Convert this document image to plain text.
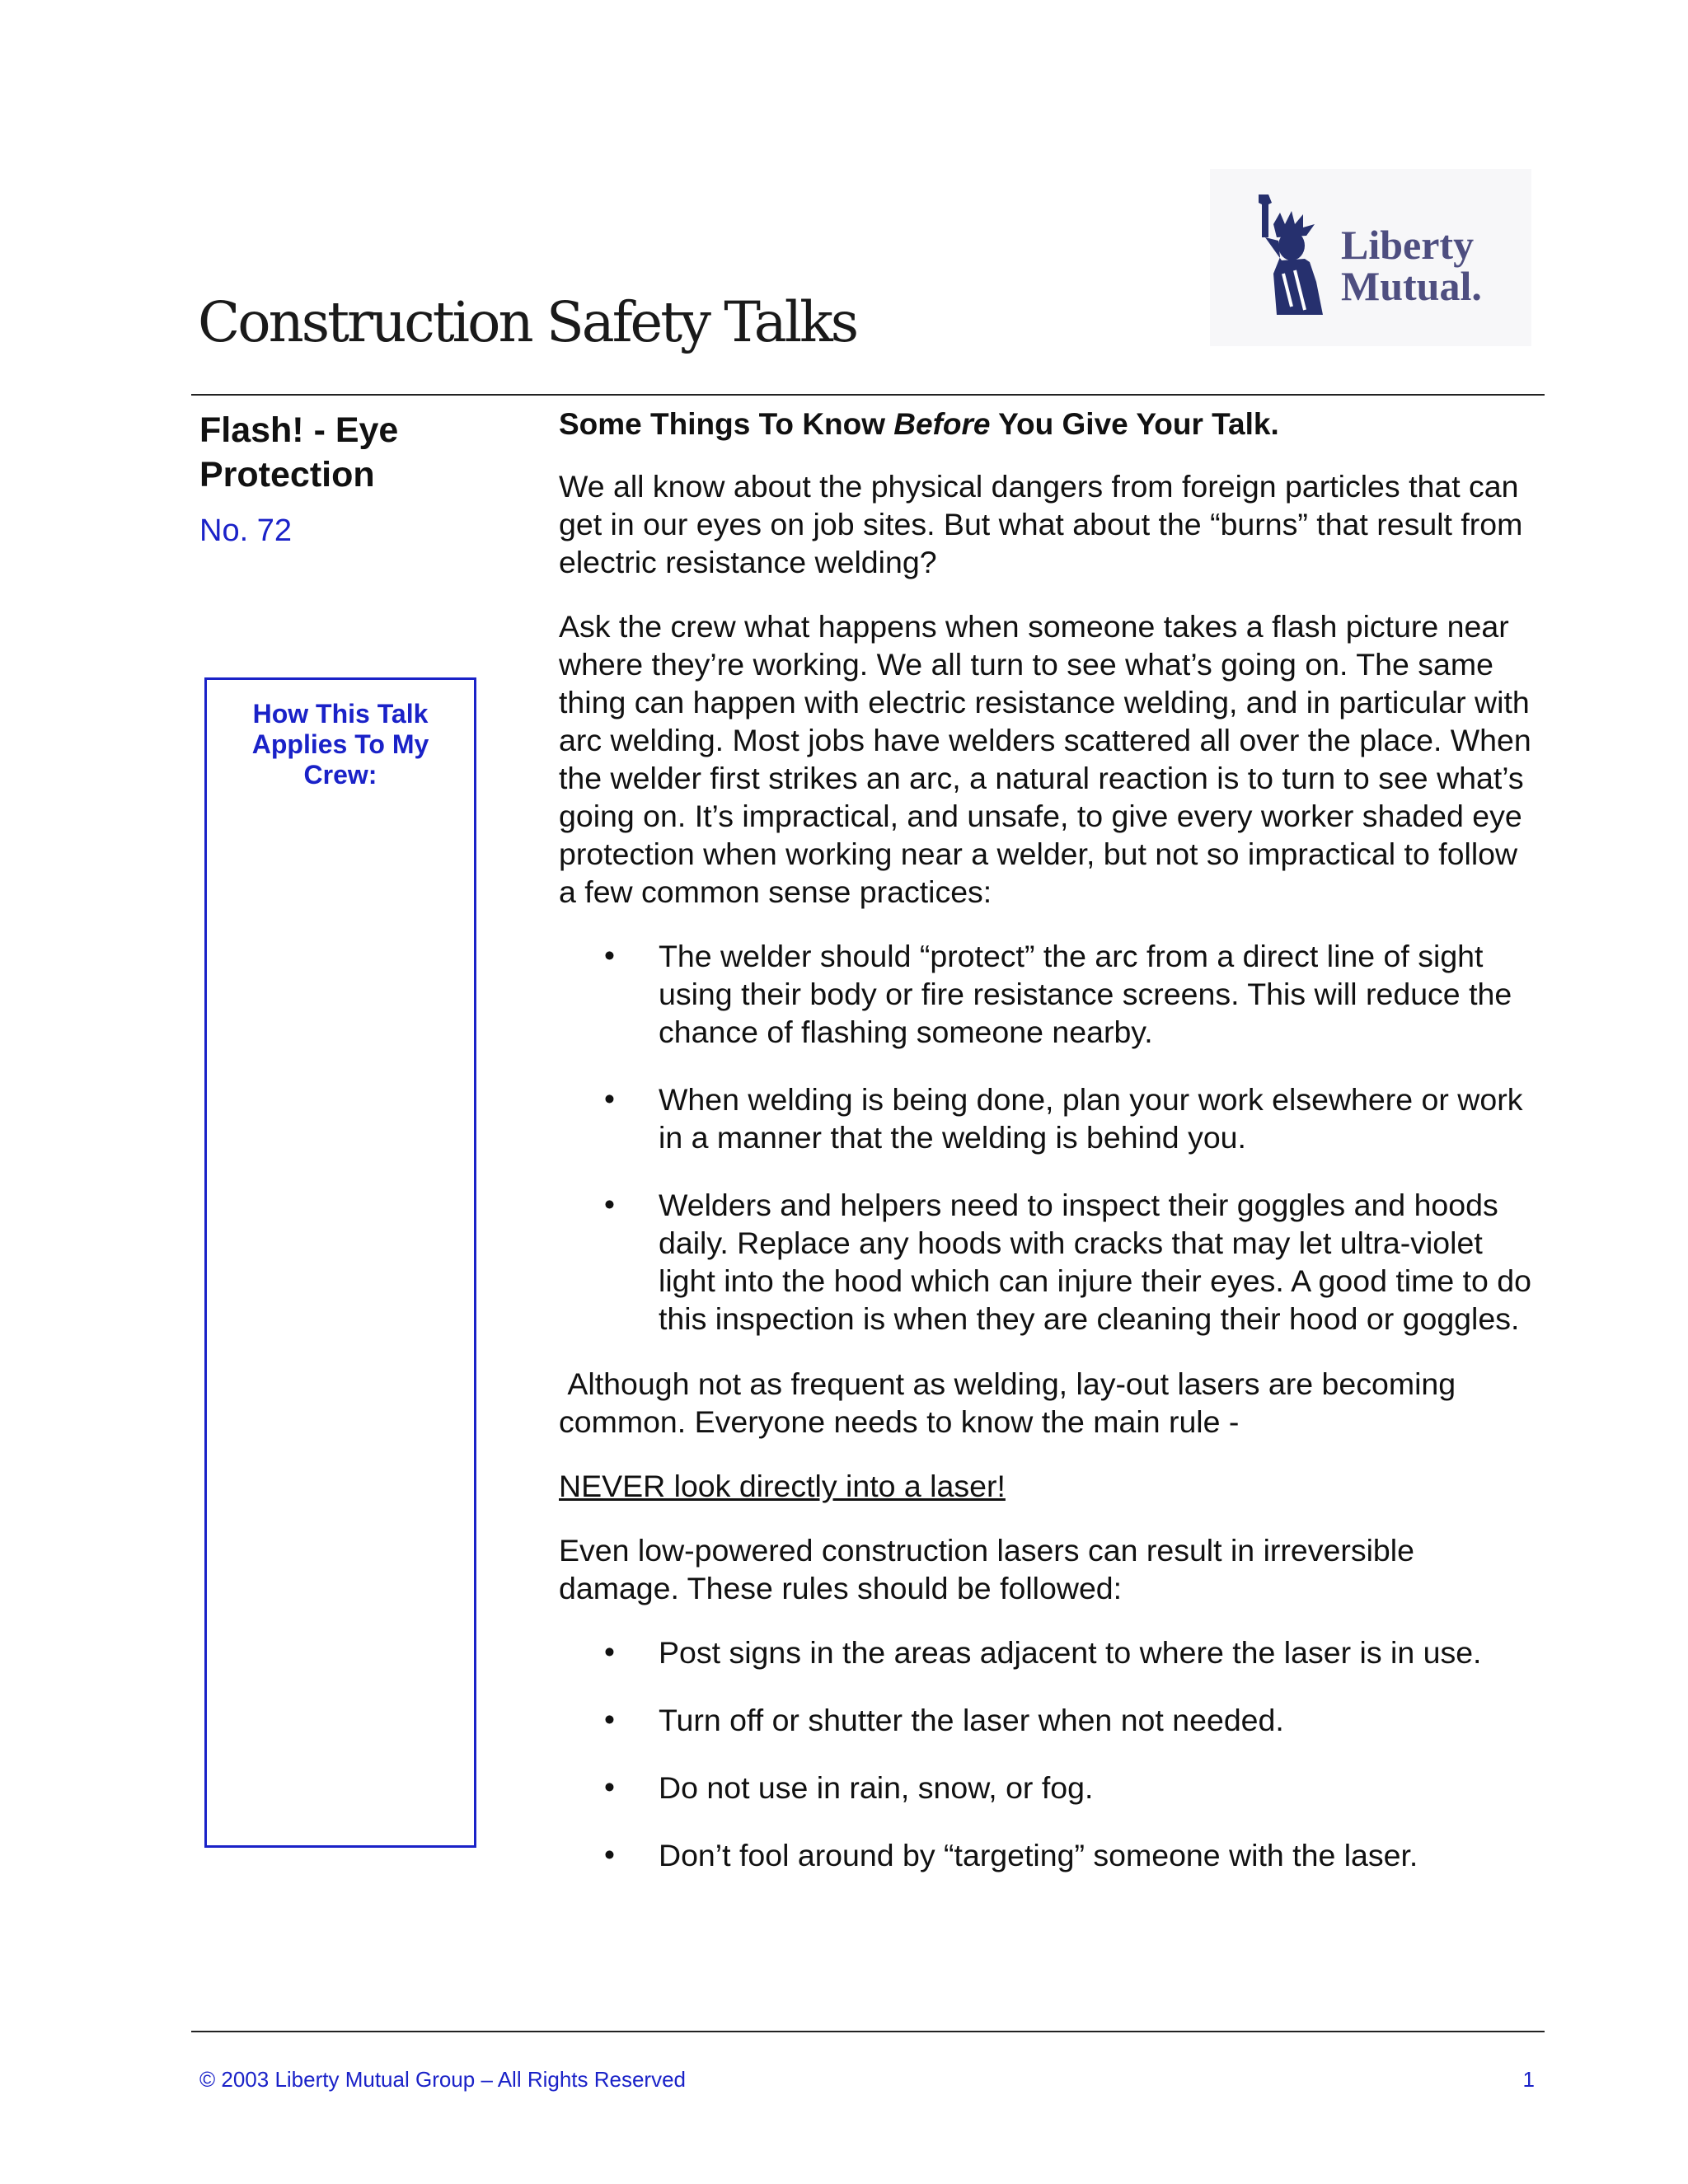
Liberty
Mutual.
Construction Safety Talks
Flash! - Eye Protection
No. 72
How This Talk Applies To My Crew:
Some Things To Know Before You Give Your Talk.

We all know about the physical dangers from foreign particles that can get in our eyes on job sites. But what about the “burns” that result from electric resistance welding?

Ask the crew what happens when someone takes a flash picture near where they’re working. We all turn to see what’s going on. The same thing can happen with electric resistance welding, and in particular with arc welding. Most jobs have welders scattered all over the place. When the welder first strikes an arc, a natural reaction is to turn to see what’s going on. It’s impractical, and unsafe, to give every worker shaded eye protection when working near a welder, but not so impractical to follow a few common sense practices:

• The welder should “protect” the arc from a direct line of sight using their body or fire resistance screens. This will reduce the chance of flashing someone nearby.
• When welding is being done, plan your work elsewhere or work in a manner that the welding is behind you.
• Welders and helpers need to inspect their goggles and hoods daily. Replace any hoods with cracks that may let ultra-violet light into the hood which can injure their eyes. A good time to do this inspection is when they are cleaning their hood or goggles.

Although not as frequent as welding, lay-out lasers are becoming common. Everyone needs to know the main rule -

NEVER look directly into a laser!

Even low-powered construction lasers can result in irreversible damage. These rules should be followed:

• Post signs in the areas adjacent to where the laser is in use.
• Turn off or shutter the laser when not needed.
• Do not use in rain, snow, or fog.
• Don’t fool around by “targeting” someone with the laser.
© 2003 Liberty Mutual Group – All Rights Reserved	1
